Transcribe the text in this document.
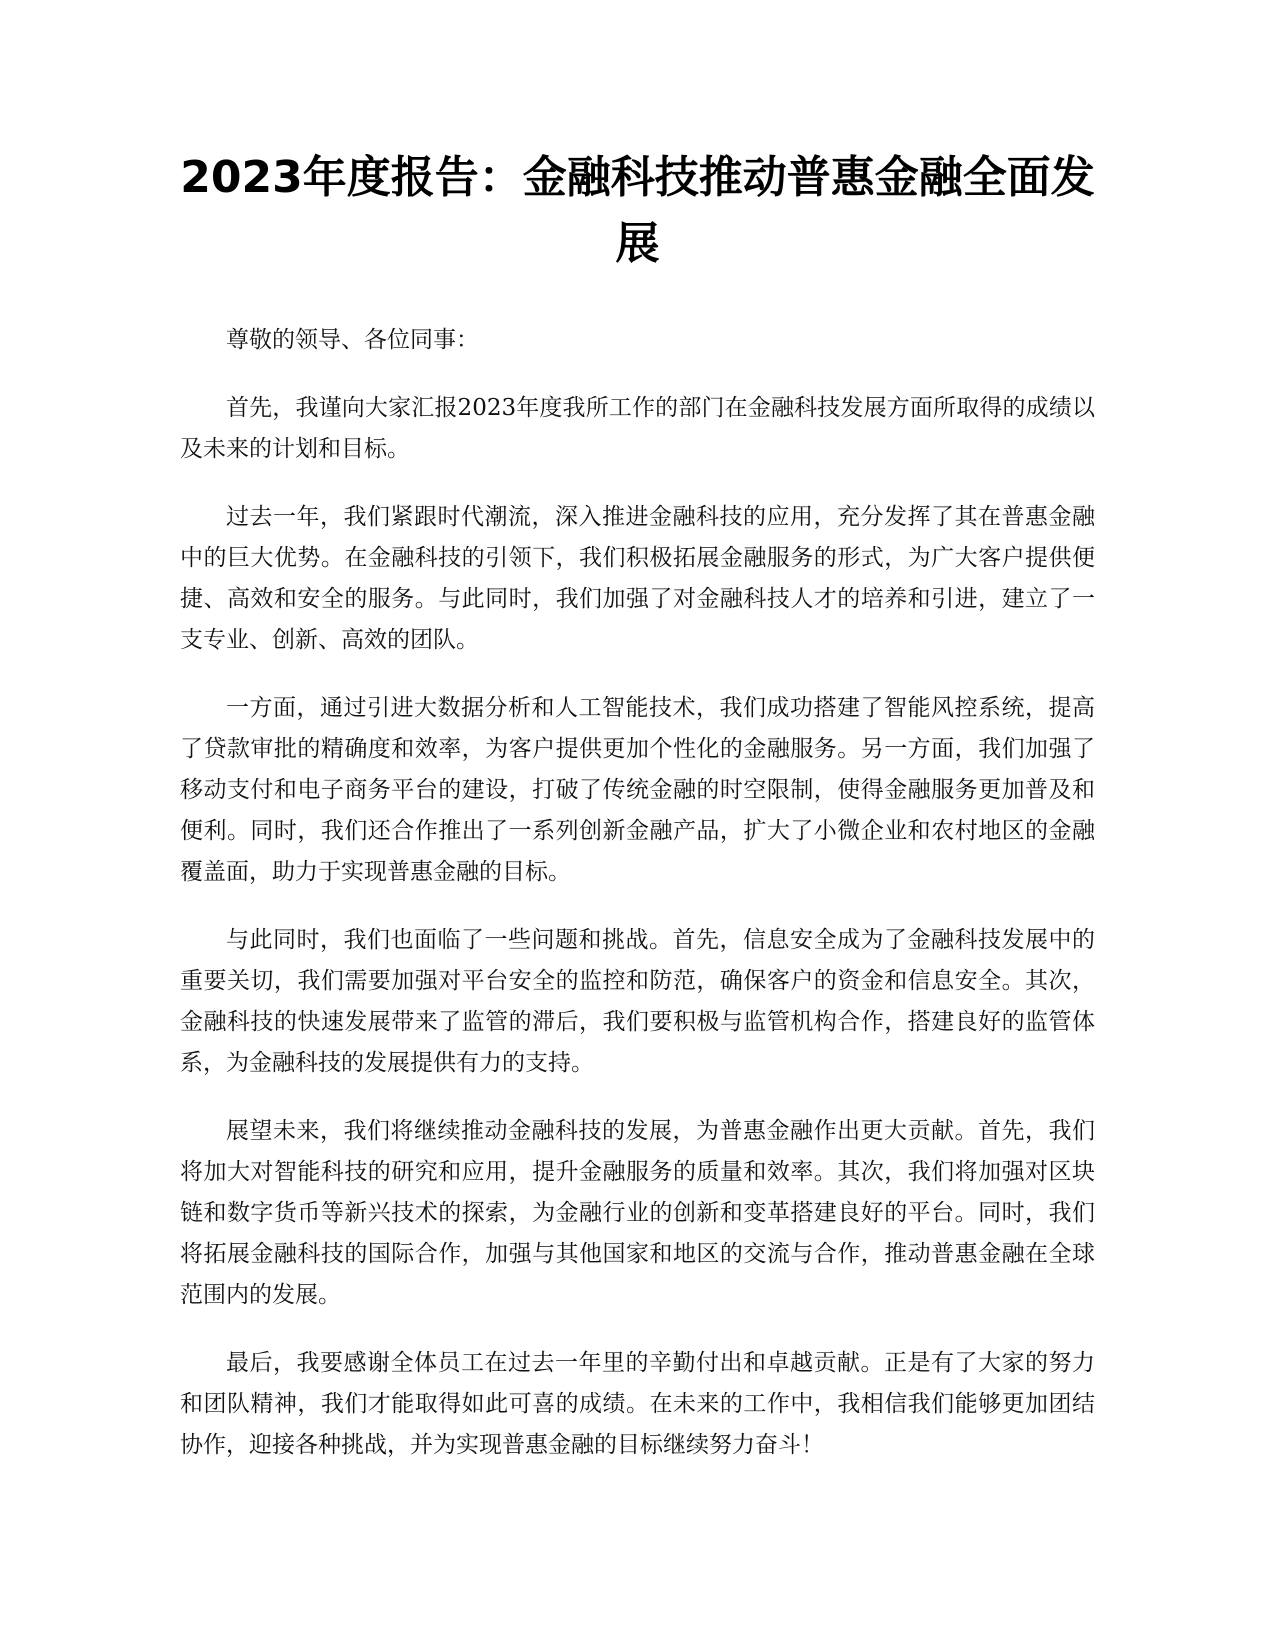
2023年度报告：金融科技推动普惠金融全面发展

尊敬的领导、各位同事：

首先，我谨向大家汇报2023年度我所工作的部门在金融科技发展方面所取得的成绩以及未来的计划和目标。

过去一年，我们紧跟时代潮流，深入推进金融科技的应用，充分发挥了其在普惠金融中的巨大优势。在金融科技的引领下，我们积极拓展金融服务的形式，为广大客户提供便捷、高效和安全的服务。与此同时，我们加强了对金融科技人才的培养和引进，建立了一支专业、创新、高效的团队。

一方面，通过引进大数据分析和人工智能技术，我们成功搭建了智能风控系统，提高了贷款审批的精确度和效率，为客户提供更加个性化的金融服务。另一方面，我们加强了移动支付和电子商务平台的建设，打破了传统金融的时空限制，使得金融服务更加普及和便利。同时，我们还合作推出了一系列创新金融产品，扩大了小微企业和农村地区的金融覆盖面，助力于实现普惠金融的目标。

与此同时，我们也面临了一些问题和挑战。首先，信息安全成为了金融科技发展中的重要关切，我们需要加强对平台安全的监控和防范，确保客户的资金和信息安全。其次，金融科技的快速发展带来了监管的滞后，我们要积极与监管机构合作，搭建良好的监管体系，为金融科技的发展提供有力的支持。

展望未来，我们将继续推动金融科技的发展，为普惠金融作出更大贡献。首先，我们将加大对智能科技的研究和应用，提升金融服务的质量和效率。其次，我们将加强对区块链和数字货币等新兴技术的探索，为金融行业的创新和变革搭建良好的平台。同时，我们将拓展金融科技的国际合作，加强与其他国家和地区的交流与合作，推动普惠金融在全球范围内的发展。

最后，我要感谢全体员工在过去一年里的辛勤付出和卓越贡献。正是有了大家的努力和团队精神，我们才能取得如此可喜的成绩。在未来的工作中，我相信我们能够更加团结协作，迎接各种挑战，并为实现普惠金融的目标继续努力奋斗！
